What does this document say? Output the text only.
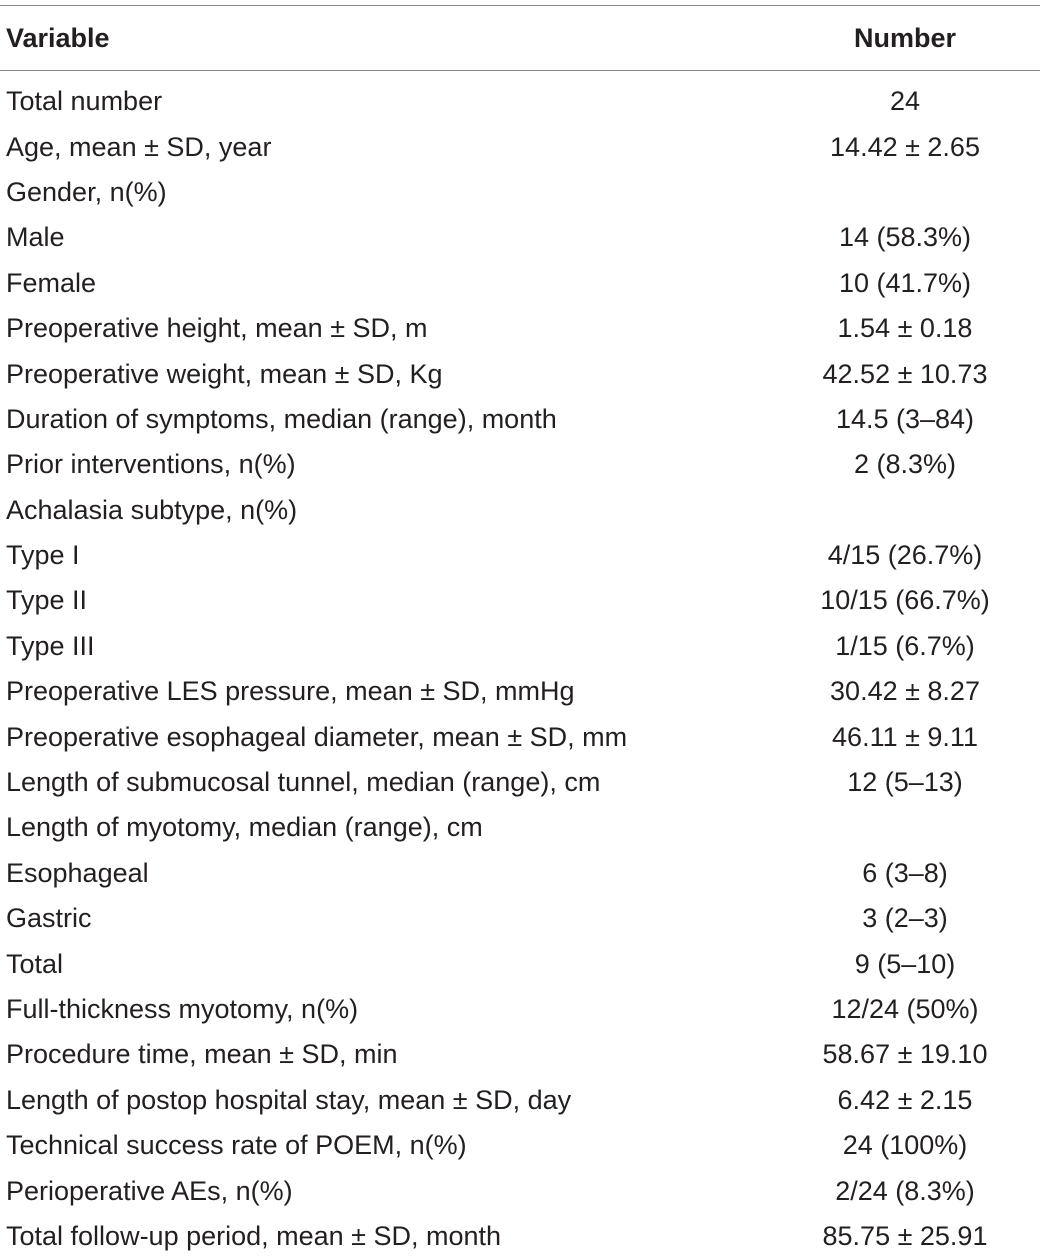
Variable	Number
Total number	24
Age, mean ± SD, year	14.42 ± 2.65
Gender, n(%)
Male	14 (58.3%)
Female	10 (41.7%)
Preoperative height, mean ± SD, m	1.54 ± 0.18
Preoperative weight, mean ± SD, Kg	42.52 ± 10.73
Duration of symptoms, median (range), month	14.5 (3–84)
Prior interventions, n(%)	2 (8.3%)
Achalasia subtype, n(%)
Type I	4/15 (26.7%)
Type II	10/15 (66.7%)
Type III	1/15 (6.7%)
Preoperative LES pressure, mean ± SD, mmHg	30.42 ± 8.27
Preoperative esophageal diameter, mean ± SD, mm	46.11 ± 9.11
Length of submucosal tunnel, median (range), cm	12 (5–13)
Length of myotomy, median (range), cm
Esophageal	6 (3–8)
Gastric	3 (2–3)
Total	9 (5–10)
Full-thickness myotomy, n(%)	12/24 (50%)
Procedure time, mean ± SD, min	58.67 ± 19.10
Length of postop hospital stay, mean ± SD, day	6.42 ± 2.15
Technical success rate of POEM, n(%)	24 (100%)
Perioperative AEs, n(%)	2/24 (8.3%)
Total follow-up period, mean ± SD, month	85.75 ± 25.91
